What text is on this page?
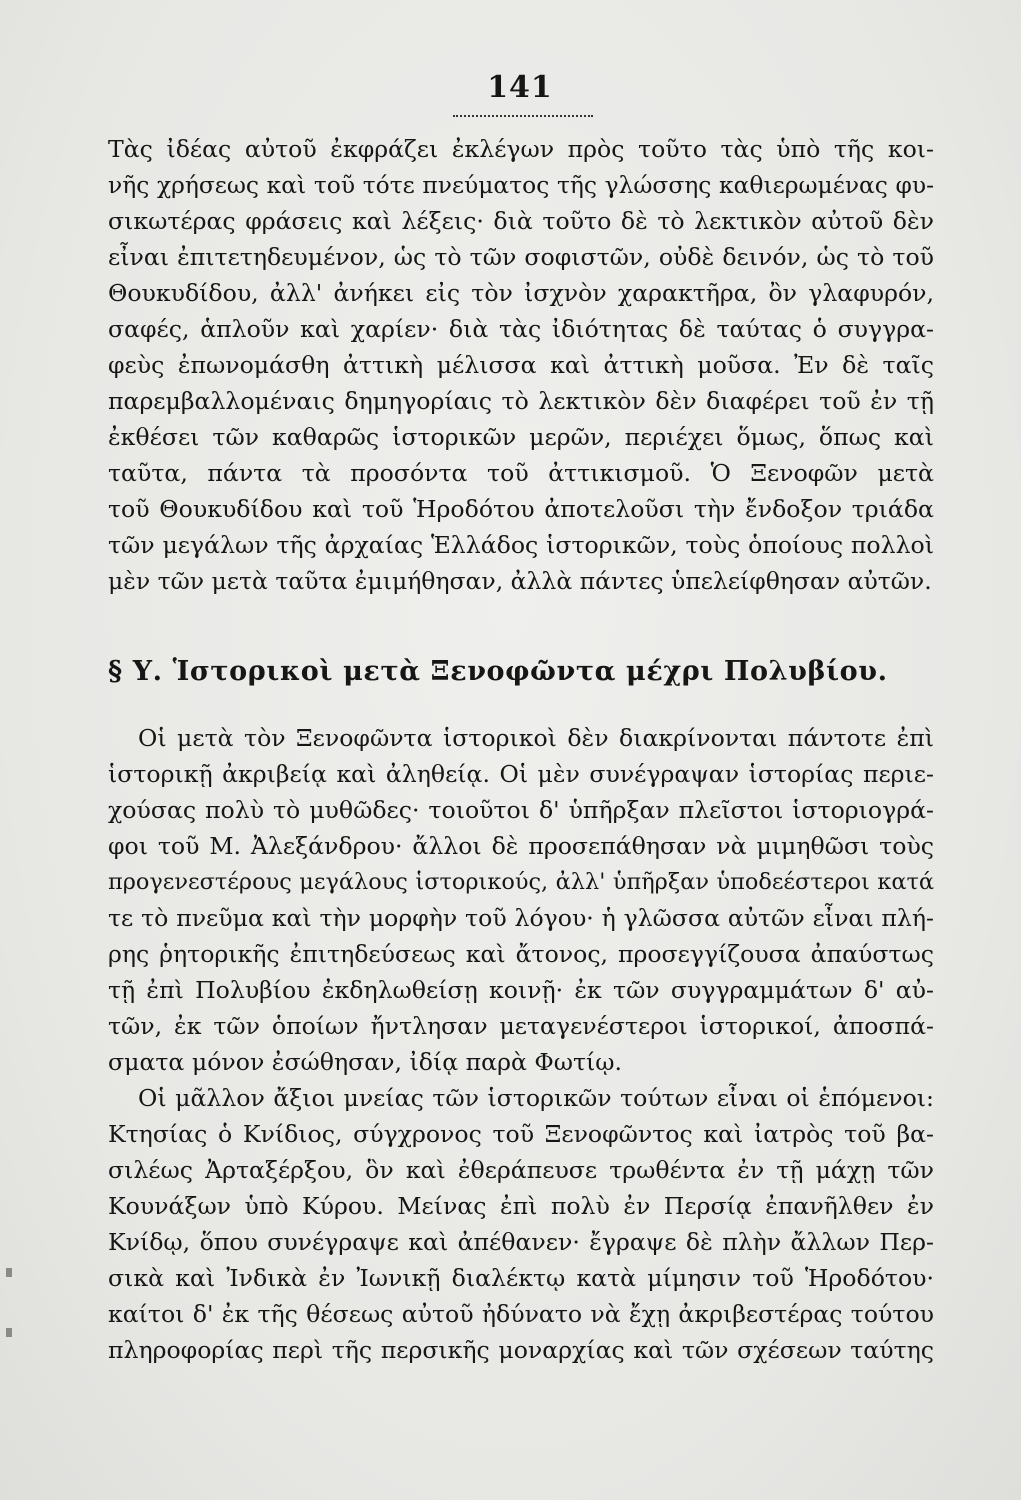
141
Τὰς ἰδέας αὐτοῦ ἐκφράζει ἐκλέγων πρὸς τοῦτο τὰς ὑπὸ τῆς κοι-
νῆς χρήσεως καὶ τοῦ τότε πνεύματος τῆς γλώσσης καθιερωμένας φυ-
σικωτέρας φράσεις καὶ λέξεις· διὰ τοῦτο δὲ τὸ λεκτικὸν αὐτοῦ δὲν
εἶναι ἐπιτετηδευμένον, ὡς τὸ τῶν σοφιστῶν, οὐδὲ δεινόν, ὡς τὸ τοῦ
Θουκυδίδου, ἀλλ' ἀνήκει εἰς τὸν ἰσχνὸν χαρακτῆρα, ὂν γλαφυρόν,
σαφές, ἁπλοῦν καὶ χαρίεν· διὰ τὰς ἰδιότητας δὲ ταύτας ὁ συγγρα-
φεὺς ἐπωνομάσθη ἀττικὴ μέλισσα καὶ ἀττικὴ μοῦσα. Ἐν δὲ ταῖς
παρεμβαλλομέναις δημηγορίαις τὸ λεκτικὸν δὲν διαφέρει τοῦ ἐν τῇ
ἐκθέσει τῶν καθαρῶς ἱστορικῶν μερῶν, περιέχει ὅμως, ὅπως καὶ
ταῦτα, πάντα τὰ προσόντα τοῦ ἀττικισμοῦ. Ὁ Ξενοφῶν μετὰ
τοῦ Θουκυδίδου καὶ τοῦ Ἡροδότου ἀποτελοῦσι τὴν ἔνδοξον τριάδα
τῶν μεγάλων τῆς ἀρχαίας Ἑλλάδος ἱστορικῶν, τοὺς ὁποίους πολλοὶ
μὲν τῶν μετὰ ταῦτα ἐμιμήθησαν, ἀλλὰ πάντες ὑπελείφθησαν αὐτῶν.
§ Υ. Ἱστορικοὶ μετὰ Ξενοφῶντα μέχρι Πολυβίου.
Οἱ μετὰ τὸν Ξενοφῶντα ἱστορικοὶ δὲν διακρίνονται πάντοτε ἐπὶ
ἱστορικῇ ἀκριβείᾳ καὶ ἀληθείᾳ. Οἱ μὲν συνέγραψαν ἱστορίας περιε-
χούσας πολὺ τὸ μυθῶδες· τοιοῦτοι δ' ὑπῆρξαν πλεῖστοι ἱστοριογρά-
φοι τοῦ Μ. Ἀλεξάνδρου· ἄλλοι δὲ προσεπάθησαν νὰ μιμηθῶσι τοὺς
προγενεστέρους μεγάλους ἱστορικούς, ἀλλ' ὑπῆρξαν ὑποδεέστεροι κατά
τε τὸ πνεῦμα καὶ τὴν μορφὴν τοῦ λόγου· ἡ γλῶσσα αὐτῶν εἶναι πλή-
ρης ῥητορικῆς ἐπιτηδεύσεως καὶ ἄτονος, προσεγγίζουσα ἀπαύστως
τῇ ἐπὶ Πολυβίου ἐκδηλωθείσῃ κοινῇ· ἐκ τῶν συγγραμμάτων δ' αὐ-
τῶν, ἐκ τῶν ὁποίων ἤντλησαν μεταγενέστεροι ἱστορικοί, ἀποσπά-
σματα μόνον ἐσώθησαν, ἰδίᾳ παρὰ Φωτίῳ.
Οἱ μᾶλλον ἄξιοι μνείας τῶν ἱστορικῶν τούτων εἶναι οἱ ἑπόμενοι:
Κτησίας ὁ Κνίδιος, σύγχρονος τοῦ Ξενοφῶντος καὶ ἰατρὸς τοῦ βα-
σιλέως Ἀρταξέρξου, ὃν καὶ ἐθεράπευσε τρωθέντα ἐν τῇ μάχῃ τῶν
Κουνάξων ὑπὸ Κύρου. Μείνας ἐπὶ πολὺ ἐν Περσίᾳ ἐπανῆλθεν ἐν
Κνίδῳ, ὅπου συνέγραψε καὶ ἀπέθανεν· ἔγραψε δὲ πλὴν ἄλλων Περ-
σικὰ καὶ Ἰνδικὰ ἐν Ἰωνικῇ διαλέκτῳ κατὰ μίμησιν τοῦ Ἡροδότου·
καίτοι δ' ἐκ τῆς θέσεως αὐτοῦ ἠδύνατο νὰ ἔχῃ ἀκριβεστέρας τούτου
πληροφορίας περὶ τῆς περσικῆς μοναρχίας καὶ τῶν σχέσεων ταύτης
